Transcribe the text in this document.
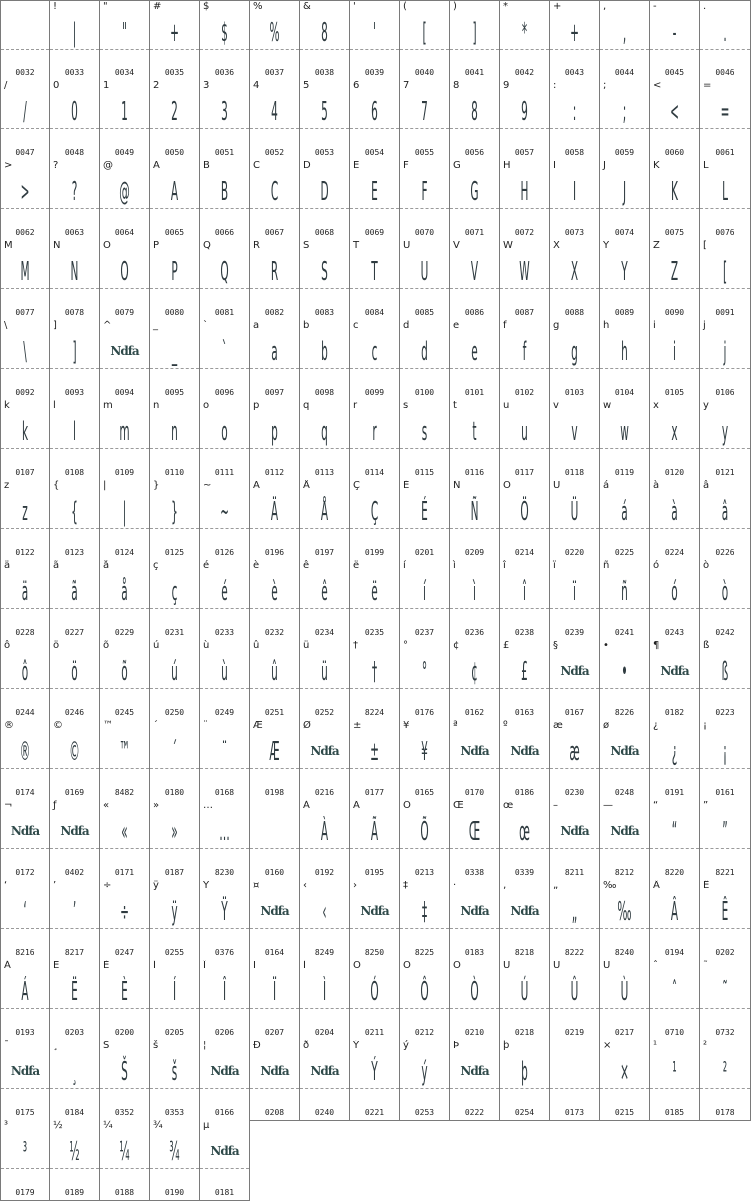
0032
!
|
0033
"
"
0034
#
+
0035
$
$
0036
%
%
0037
&
8
0038
'
'
0039
(
[
0040
)
]
0041
*
*
0042
+
+
0043
,
,
0044
-
-
0045
.
.
0046
/
/
0047
0
0
0048
1
1
0049
2
2
0050
3
3
0051
4
4
0052
5
5
0053
6
6
0054
7
7
0055
8
8
0056
9
9
0057
:
:
0058
;
;
0059
<
<
0060
=
=
0061
>
>
0062
?
?
0063
@
@
0064
A
A
0065
B
B
0066
C
C
0067
D
D
0068
E
E
0069
F
F
0070
G
G
0071
H
H
0072
I
I
0073
J
J
0074
K
K
0075
L
L
0076
M
M
0077
N
N
0078
O
O
0079
P
P
0080
Q
Q
0081
R
R
0082
S
S
0083
T
T
0084
U
U
0085
V
V
0086
W
W
0087
X
X
0088
Y
Y
0089
Z
Z
0090
[
[
0091
\
\
0092
]
]
0093
^
Ndfa
0094
_
_
0095
`
`
0096
a
a
0097
b
b
0098
c
c
0099
d
d
0100
e
e
0101
f
f
0102
g
g
0103
h
h
0104
i
i
0105
j
j
0106
k
k
0107
l
l
0108
m
m
0109
n
n
0110
o
o
0111
p
p
0112
q
q
0113
r
r
0114
s
s
0115
t
t
0116
u
u
0117
v
v
0118
w
w
0119
x
x
0120
y
y
0121
z
z
0122
{
{
0123
|
|
0124
}
}
0125
~
~
0126
Ä
Ä
0196
Å
Å
0197
Ç
Ç
0199
É
É
0201
Ñ
Ñ
0209
Ö
Ö
0214
Ü
Ü
0220
á
á
0225
à
à
0224
â
â
0226
ä
ä
0228
ã
ã
0227
å
å
0229
ç
ç
0231
é
é
0233
è
è
0232
ê
ê
0234
ë
ë
0235
í
í
0237
ì
ì
0236
î
î
0238
ï
ï
0239
ñ
ñ
0241
ó
ó
0243
ò
ò
0242
ô
ô
0244
ö
ö
0246
õ
õ
0245
ú
ú
0250
ù
ù
0249
û
û
0251
ü
ü
0252
†
†
8224
°
°
0176
¢
¢
0162
£
£
0163
§
Ndfa
0167
•
•
8226
¶
Ndfa
0182
ß
ß
0223
®
®
0174
©
©
0169
™
™
8482
´
´
0180
¨
¨
0168
Æ
Æ
0198
Ø
Ndfa
0216
±
±
0177
¥
¥
0165
ª
Ndfa
0170
º
Ndfa
0186
æ
æ
0230
ø
Ndfa
0248
¿
¿
0191
¡
¡
0161
¬
Ndfa
0172
ƒ
Ndfa
0402
«
«
0171
»
»
0187
…
…
8230	0160
À
À
0192
Ã
Ã
0195
Õ
Õ
0213
Œ
Œ
0338
œ
œ
0339
–
Ndfa
8211
—
Ndfa
8212
“
“
8220
”
”
8221
‘
‘
8216
’
’
8217
÷
÷
0247
ÿ
ÿ
0255
Ÿ
Ÿ
0376
¤
Ndfa
0164
‹
‹
8249
›
Ndfa
8250
‡
‡
8225
·
Ndfa
0183
‚
Ndfa
8218
„
„
8222
‰
‰
8240
Â
Â
0194
Ê
Ê
0202
Á
Á
0193
Ë
Ë
0203
È
È
0200
Í
Í
0205
Î
Î
0206
Ï
Ï
0207
Ì
Ì
0204
Ó
Ó
0211
Ô
Ô
0212
Ò
Ò
0210
Ú
Ú
0218
Û
Û
0219
Ù
Ù
0217
ˆ
ˆ
0710
˜
˜
0732
¯
Ndfa
0175
¸
¸
0184
Š
Š
0352
š
š
0353
¦
Ndfa
0166
Ð
Ndfa
0208
ð
Ndfa
0240
Ý
Ý
0221
ý
ý
0253
Þ
Ndfa
0222
þ
þ
0254	0173
×
×
0215
¹
¹
0185
²
²
0178
³
³
0179
½
½
0189
¼
¼
0188
¾
¾
0190
µ
Ndfa
0181
